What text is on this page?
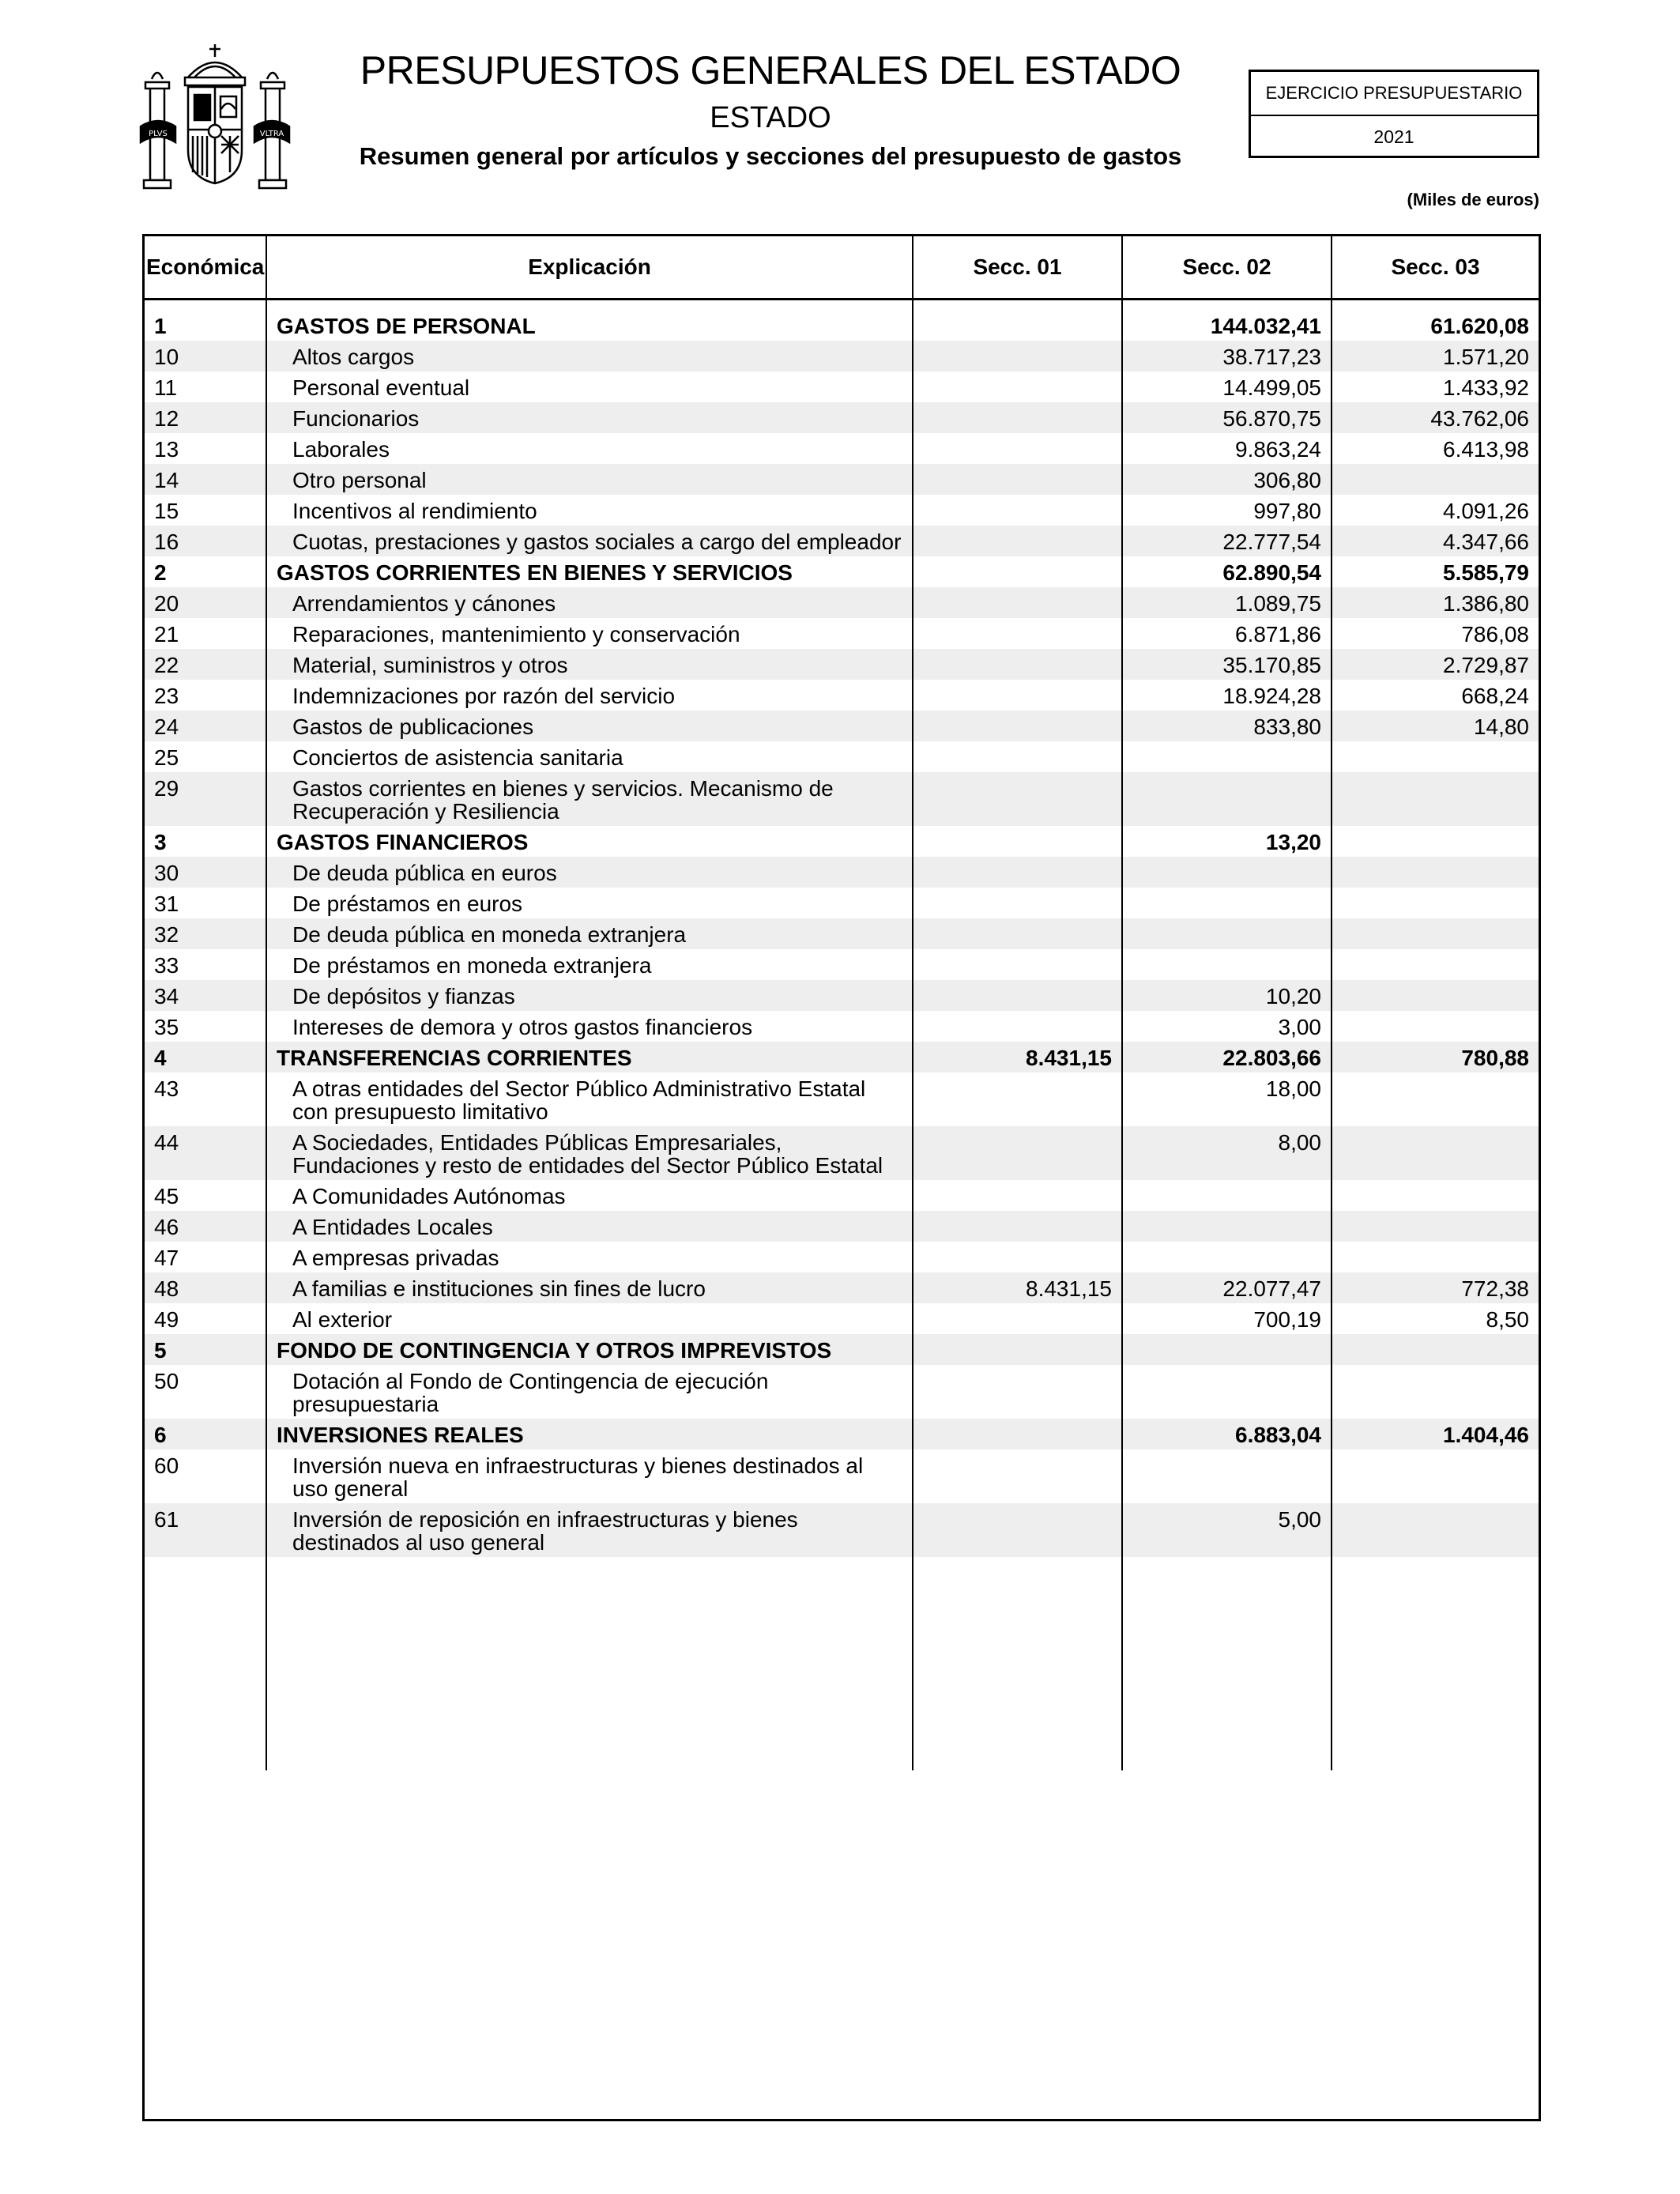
PLVS	VLTRA
PRESUPUESTOS GENERALES DEL ESTADO
ESTADO
Resumen general por artículos y secciones del presupuesto de gastos
EJERCICIO PRESUPUESTARIO
2021
(Miles de euros)
Económica	Explicación	Secc. 01	Secc. 02	Secc. 03

1	GASTOS DE PERSONAL		144.032,41	61.620,08
10	Altos cargos		38.717,23	1.571,20
11	Personal eventual		14.499,05	1.433,92
12	Funcionarios		56.870,75	43.762,06
13	Laborales		9.863,24	6.413,98
14	Otro personal		306,80	
15	Incentivos al rendimiento		997,80	4.091,26
16	Cuotas, prestaciones y gastos sociales a cargo del empleador		22.777,54	4.347,66
2	GASTOS CORRIENTES EN BIENES Y SERVICIOS		62.890,54	5.585,79
20	Arrendamientos y cánones		1.089,75	1.386,80
21	Reparaciones, mantenimiento y conservación		6.871,86	786,08
22	Material, suministros y otros		35.170,85	2.729,87
23	Indemnizaciones por razón del servicio		18.924,28	668,24
24	Gastos de publicaciones		833,80	14,80
25	Conciertos de asistencia sanitaria			
29	Gastos corrientes en bienes y servicios. Mecanismo de Recuperación y Resiliencia			
3	GASTOS FINANCIEROS		13,20	
30	De deuda pública en euros			
31	De préstamos en euros			
32	De deuda pública en moneda extranjera			
33	De préstamos en moneda extranjera			
34	De depósitos y fianzas		10,20	
35	Intereses de demora y otros gastos financieros		3,00	
4	TRANSFERENCIAS CORRIENTES	8.431,15	22.803,66	780,88
43	A otras entidades del Sector Público Administrativo Estatal con presupuesto limitativo		18,00	
44	A Sociedades, Entidades Públicas Empresariales, Fundaciones y resto de entidades del Sector Público Estatal		8,00	
45	A Comunidades Autónomas			
46	A Entidades Locales			
47	A empresas privadas			
48	A familias e instituciones sin fines de lucro	8.431,15	22.077,47	772,38
49	Al exterior		700,19	8,50
5	FONDO DE CONTINGENCIA Y OTROS IMPREVISTOS			
50	Dotación al Fondo de Contingencia de ejecución presupuestaria			
6	INVERSIONES REALES		6.883,04	1.404,46
60	Inversión nueva en infraestructuras y bienes destinados al uso general			
61	Inversión de reposición en infraestructuras y bienes destinados al uso general		5,00	
